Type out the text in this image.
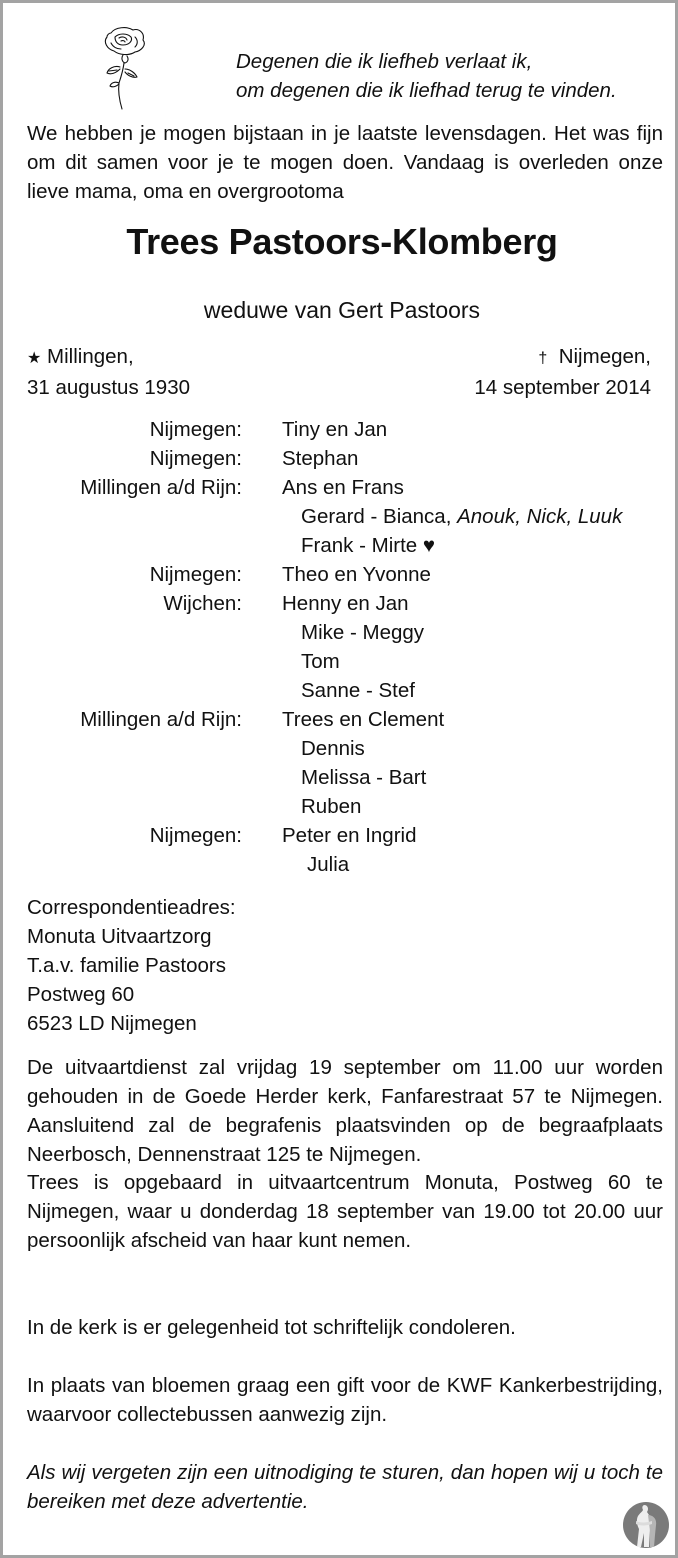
Degenen die ik liefheb verlaat ik,
om degenen die ik liefhad terug te vinden.
We hebben je mogen bijstaan in je laatste levensdagen. Het was fijn om dit samen voor je te mogen doen. Vandaag is overleden onze lieve mama, oma en overgrootoma
Trees Pastoors-Klomberg
weduwe van Gert Pastoors
★ Millingen,
31 augustus 1930
† Nijmegen,
14 september 2014
Nijmegen: Tiny en Jan
Nijmegen: Stephan
Millingen a/d Rijn: Ans en Frans
Gerard - Bianca, Anouk, Nick, Luuk
Frank - Mirte ♥
Nijmegen: Theo en Yvonne
Wijchen: Henny en Jan
Mike - Meggy
Tom
Sanne - Stef
Millingen a/d Rijn: Trees en Clement
Dennis
Melissa - Bart
Ruben
Nijmegen: Peter en Ingrid
Julia
Correspondentieadres:
Monuta Uitvaartzorg
T.a.v. familie Pastoors
Postweg 60
6523 LD Nijmegen
De uitvaartdienst zal vrijdag 19 september om 11.00 uur worden gehouden in de Goede Herder kerk, Fanfarestraat 57 te Nijmegen. Aansluitend zal de begrafenis plaatsvinden op de begraafplaats Neerbosch, Dennenstraat 125 te Nijmegen.
Trees is opgebaard in uitvaartcentrum Monuta, Postweg 60 te Nijmegen, waar u donderdag 18 september van 19.00 tot 20.00 uur persoonlijk afscheid van haar kunt nemen.
In de kerk is er gelegenheid tot schriftelijk condoleren.
In plaats van bloemen graag een gift voor de KWF Kankerbestrijding, waarvoor collectebussen aanwezig zijn.
Als wij vergeten zijn een uitnodiging te sturen, dan hopen wij u toch te bereiken met deze advertentie.
